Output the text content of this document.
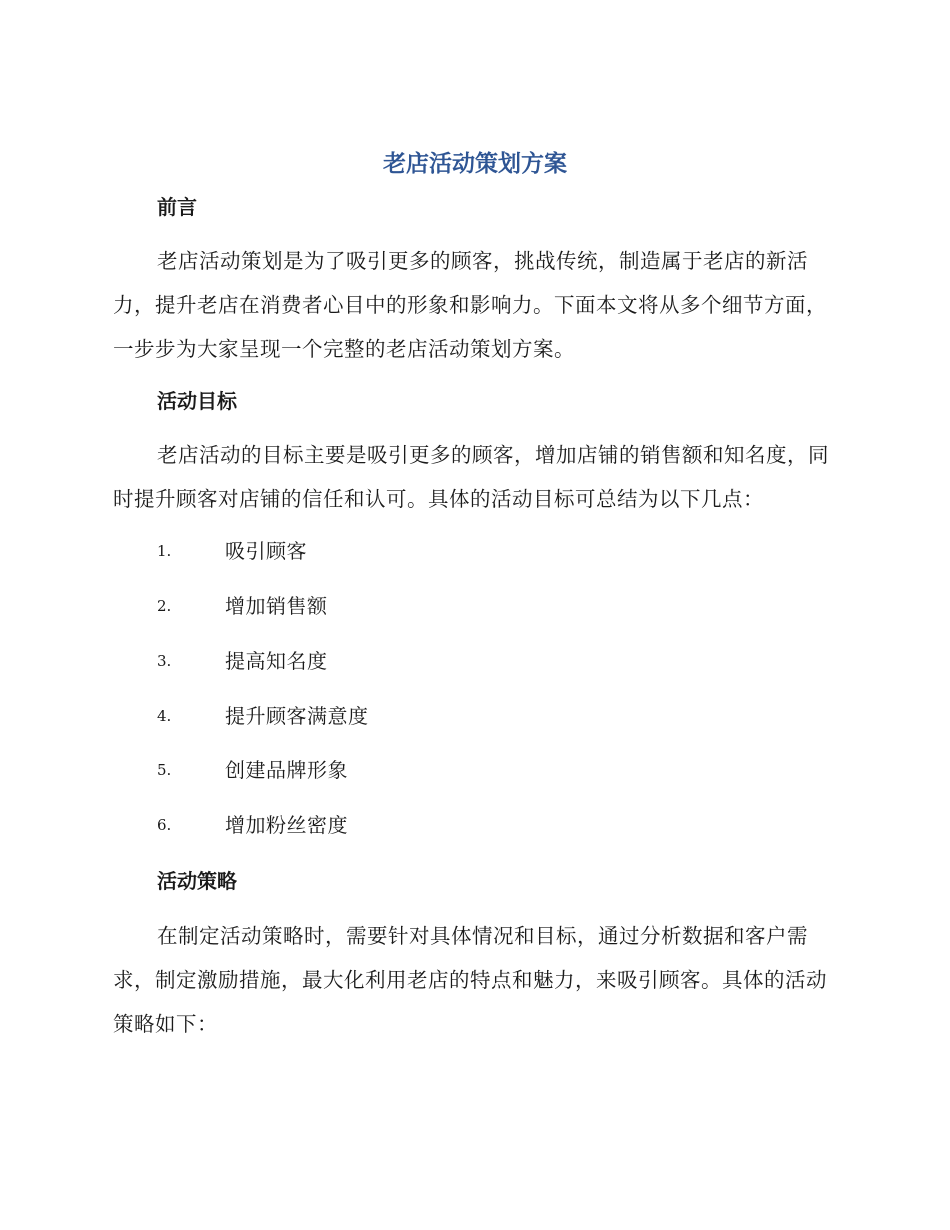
老店活动策划方案
前言

老店活动策划是为了吸引更多的顾客，挑战传统，制造属于老店的新活力，提升老店在消费者心目中的形象和影响力。下面本文将从多个细节方面，一步步为大家呈现一个完整的老店活动策划方案。

活动目标

老店活动的目标主要是吸引更多的顾客，增加店铺的销售额和知名度，同时提升顾客对店铺的信任和认可。具体的活动目标可总结为以下几点：

1.	吸引顾客
2.	增加销售额
3.	提高知名度
4.	提升顾客满意度
5.	创建品牌形象
6.	增加粉丝密度
活动策略

在制定活动策略时，需要针对具体情况和目标，通过分析数据和客户需求，制定激励措施，最大化利用老店的特点和魅力，来吸引顾客。具体的活动策略如下：
